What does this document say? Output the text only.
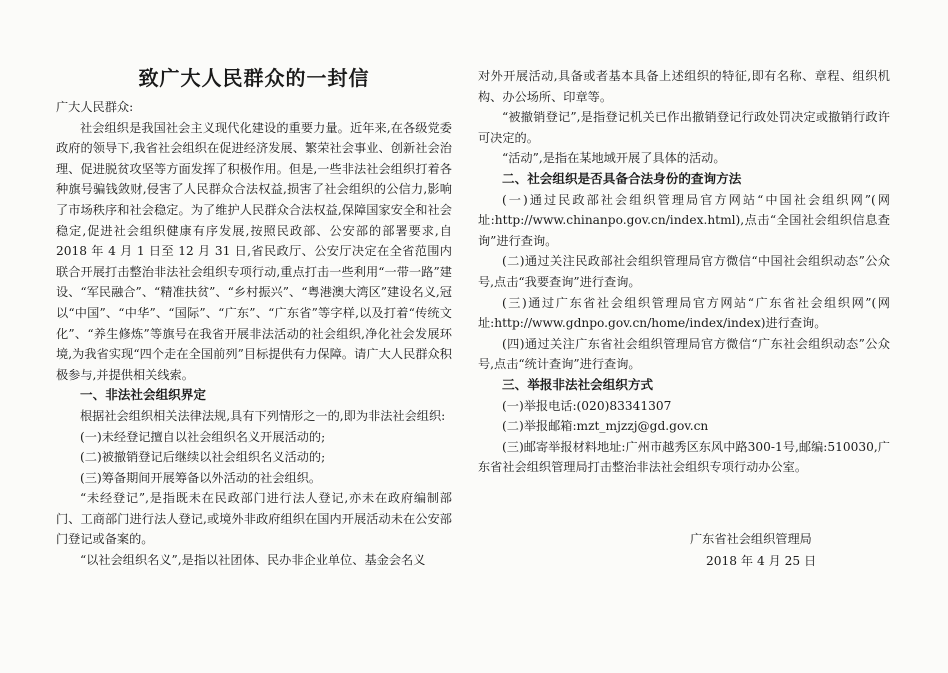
致广大人民群众的一封信

广大人民群众:

社会组织是我国社会主义现代化建设的重要力量。近年来,在各级党委政府的领导下,我省社会组织在促进经济发展、繁荣社会事业、创新社会治理、促进脱贫攻坚等方面发挥了积极作用。但是,一些非法社会组织打着各种旗号骗钱敛财,侵害了人民群众合法权益,损害了社会组织的公信力,影响了市场秩序和社会稳定。为了维护人民群众合法权益,保障国家安全和社会稳定,促进社会组织健康有序发展,按照民政部、公安部的部署要求,自 2018 年 4 月 1 日至 12 月 31 日,省民政厅、公安厅决定在全省范围内联合开展打击整治非法社会组织专项行动,重点打击一些利用“一带一路”建设、“军民融合”、“精准扶贫”、“乡村振兴”、“粤港澳大湾区”建设名义,冠以“中国”、“中华”、“国际”、“广东”、“广东省”等字样,以及打着“传统文化”、“养生修炼”等旗号在我省开展非法活动的社会组织,净化社会发展环境,为我省实现“四个走在全国前列”目标提供有力保障。请广大人民群众积极参与,并提供相关线索。

一、非法社会组织界定

根据社会组织相关法律法规,具有下列情形之一的,即为非法社会组织:

(一)未经登记擅自以社会组织名义开展活动的;

(二)被撤销登记后继续以社会组织名义活动的;

(三)筹备期间开展筹备以外活动的社会组织。

“未经登记”,是指既未在民政部门进行法人登记,亦未在政府编制部门、工商部门进行法人登记,或境外非政府组织在国内开展活动未在公安部门登记或备案的。

“以社会组织名义”,是指以社团体、民办非企业单位、基金会名义

对外开展活动,具备或者基本具备上述组织的特征,即有名称、章程、组织机构、办公场所、印章等。

“被撤销登记”,是指登记机关已作出撤销登记行政处罚决定或撤销行政许可决定的。

“活动”,是指在某地域开展了具体的活动。

二、社会组织是否具备合法身份的查询方法

(一)通过民政部社会组织管理局官方网站“中国社会组织网”(网址:http://www.chinanpo.gov.cn/index.html),点击“全国社会组织信息查询”进行查询。

(二)通过关注民政部社会组织管理局官方微信“中国社会组织动态”公众号,点击“我要查询”进行查询。

(三)通过广东省社会组织管理局官方网站“广东省社会组织网”(网址:http://www.gdnpo.gov.cn/home/index/index)进行查询。

(四)通过关注广东省社会组织管理局官方微信“广东社会组织动态”公众号,点击“统计查询”进行查询。

三、举报非法社会组织方式

(一)举报电话:(020)83341307

(二)举报邮箱:mzt_mjzzj@gd.gov.cn

(三)邮寄举报材料地址:广州市越秀区东风中路300-1号,邮编:510030,广东省社会组织管理局打击整治非法社会组织专项行动办公室。

广东省社会组织管理局
2018 年 4 月 25 日
